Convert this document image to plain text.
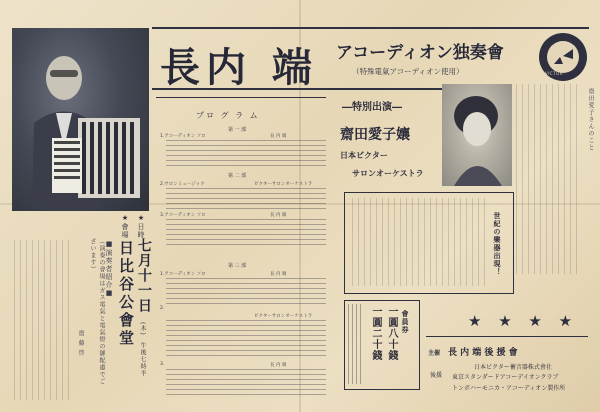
（演奏の會場はガス電氣と電氣燈の御配慮でございます）	■演奏者紹介■
齋 藤 啓
★日時
七月十一日
(木)
午後七時半
★會場
日比谷公會堂
長内 端 アコーディオン独奏會
（特殊電氣アコーディオン使用）	VICTOR
プロ グ ラ ム
第 一 部
1.アコーディオン ソロ	長 内 端
第 二 部
2.サロンミュージック	ビクターサロンオーケストラ
3.アコーディオン ソロ	長 内 端
第 三 部
1.アコーディオン ソロ	長 内 端
2.
ビクターサロンオーケストラ
3.	長 内 端
―特別出演―
齋田愛子孃
日本ビクター
サロンオーケストラ
齋田愛子さんのこと
世紀の樂器出現！
會員券
一圓八十錢
一圓二十錢	★ ★ ★ ★
主催 長 内 端 後 援 會
日本ビクター蓄音器株式會社
後援 東京スタンダードアコーデイオンクラブ
トンボハーモニカ・アコーディオン製作所
